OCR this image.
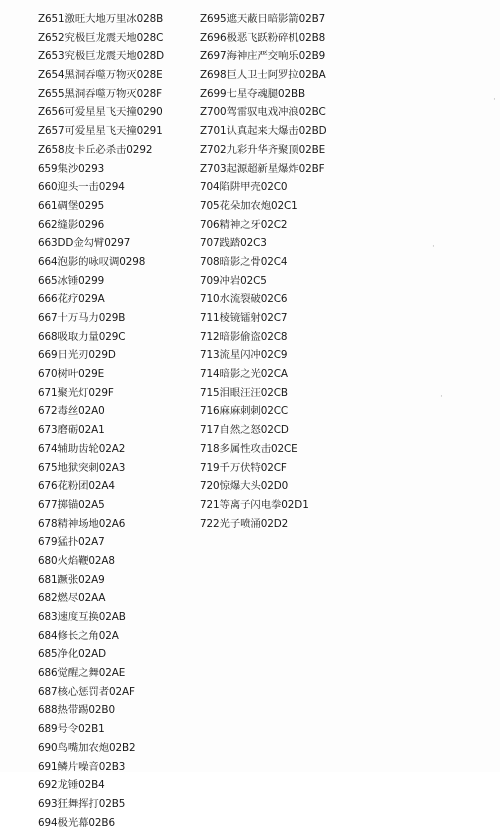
Z651激旺大地万里冰028B
Z652究极巨龙震天地028C
Z653究极巨龙震天地028D
Z654黑洞吞噬万物灭028E
Z655黑洞吞噬万物灭028F
Z656可爱星星飞天撞0290
Z657可爱星星飞天撞0291
Z658皮卡丘必杀击0292
659集沙0293
660迎头一击0294
661碉堡0295
662缝影0296
663DD金勾臂0297
664泡影的咏叹调0298
665冰锤0299
666花疗029A
667十万马力029B
668吸取力量029C
669日光刃029D
670树叶029E
671聚光灯029F
672毒丝02A0
673磨砺02A1
674辅助齿轮02A2
675地狱突刺02A3
676花粉团02A4
677掷锚02A5
678精神场地02A6
679猛扑02A7
680火焰鞭02A8
681蹶张02A9
682燃尽02AA
683速度互换02AB
684修长之角02A
685净化02AD
686觉醒之舞02AE
687核心惩罚者02AF
688热带踢02B0
689号令02B1
690鸟嘴加农炮02B2
691鳞片噪音02B3
692龙锤02B4
693狂舞挥打02B5
694极光幕02B6
Z695遮天蔽日暗影箭02B7
Z696极恶飞跃粉碎机02B8
Z697海神庄严交响乐02B9
Z698巨人卫士阿罗拉02BA
Z699七星夺魂腿02BB
Z700驾雷驭电戏冲浪02BC
Z701认真起来大爆击02BD
Z702九彩升华齐聚顶02BE
Z703起源超新星爆炸02BF
704陷阱甲壳02C0
705花朵加农炮02C1
706精神之牙02C2
707践踏02C3
708暗影之骨02C4
709冲岩02C5
710水流裂破02C6
711棱镜镭射02C7
712暗影偷盗02C8
713流星闪冲02C9
714暗影之光02CA
715泪眼汪汪02CB
716麻麻刺刺02CC
717自然之怒02CD
718多属性攻击02CE
719千万伏特02CF
720惊爆大头02D0
721等离子闪电拳02D1
722光子喷涌02D2
·
·
·
